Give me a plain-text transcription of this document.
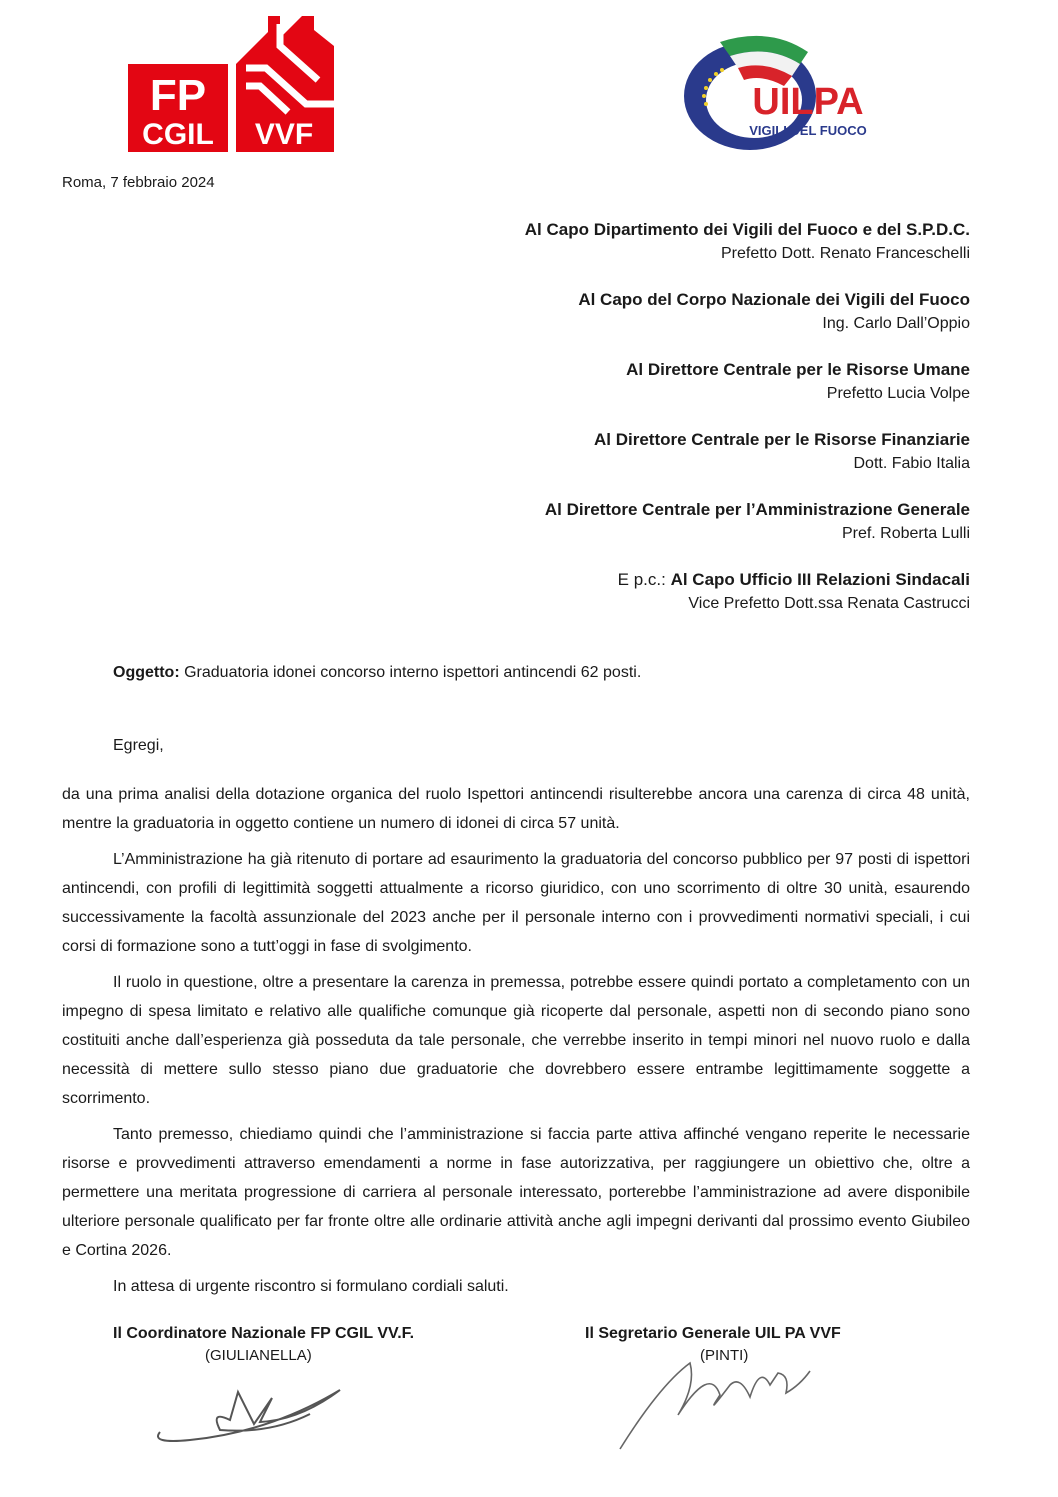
FP
CGIL VVF
UILPA
VIGILI DEL FUOCO
Roma, 7 febbraio 2024
Al Capo Dipartimento dei Vigili del Fuoco e del S.P.D.C.
Prefetto Dott. Renato Franceschelli
Al Capo del Corpo Nazionale dei Vigili del Fuoco
Ing. Carlo Dall’Oppio
Al Direttore Centrale per le Risorse Umane
Prefetto Lucia Volpe
Al Direttore Centrale per le Risorse Finanziarie
Dott. Fabio Italia
Al Direttore Centrale per l’Amministrazione Generale
Pref. Roberta Lulli
E p.c.: Al Capo Ufficio III Relazioni Sindacali
Vice Prefetto Dott.ssa Renata Castrucci
Oggetto: Graduatoria idonei concorso interno ispettori antincendi 62 posti.
Egregi,

da una prima analisi della dotazione organica del ruolo Ispettori antincendi risulterebbe ancora una carenza di circa 48 unità, mentre la graduatoria in oggetto contiene un numero di idonei di circa 57 unità.

L’Amministrazione ha già ritenuto di portare ad esaurimento la graduatoria del concorso pubblico per 97 posti di ispettori antincendi, con profili di legittimità soggetti attualmente a ricorso giuridico, con uno scorrimento di oltre 30 unità, esaurendo successivamente la facoltà assunzionale del 2023 anche per il personale interno con i provvedimenti normativi speciali, i cui corsi di formazione sono a tutt’oggi in fase di svolgimento.

Il ruolo in questione, oltre a presentare la carenza in premessa, potrebbe essere quindi portato a completamento con un impegno di spesa limitato e relativo alle qualifiche comunque già ricoperte dal personale, aspetti non di secondo piano sono costituiti anche dall’esperienza già posseduta da tale personale, che verrebbe inserito in tempi minori nel nuovo ruolo e dalla necessità di mettere sullo stesso piano due graduatorie che dovrebbero essere entrambe legittimamente soggette a scorrimento.

Tanto premesso, chiediamo quindi che l’amministrazione si faccia parte attiva affinché vengano reperite le necessarie risorse e provvedimenti attraverso emendamenti a norme in fase autorizzativa, per raggiungere un obiettivo che, oltre a permettere una meritata progressione di carriera al personale interessato, porterebbe l’amministrazione ad avere disponibile ulteriore personale qualificato per far fronte oltre alle ordinarie attività anche agli impegni derivanti dal prossimo evento Giubileo e Cortina 2026.

In attesa di urgente riscontro si formulano cordiali saluti.

Il Coordinatore Nazionale FP CGIL VV.F.
(GIULIANELLA)
Il Segretario Generale UIL PA VVF
(PINTI)
